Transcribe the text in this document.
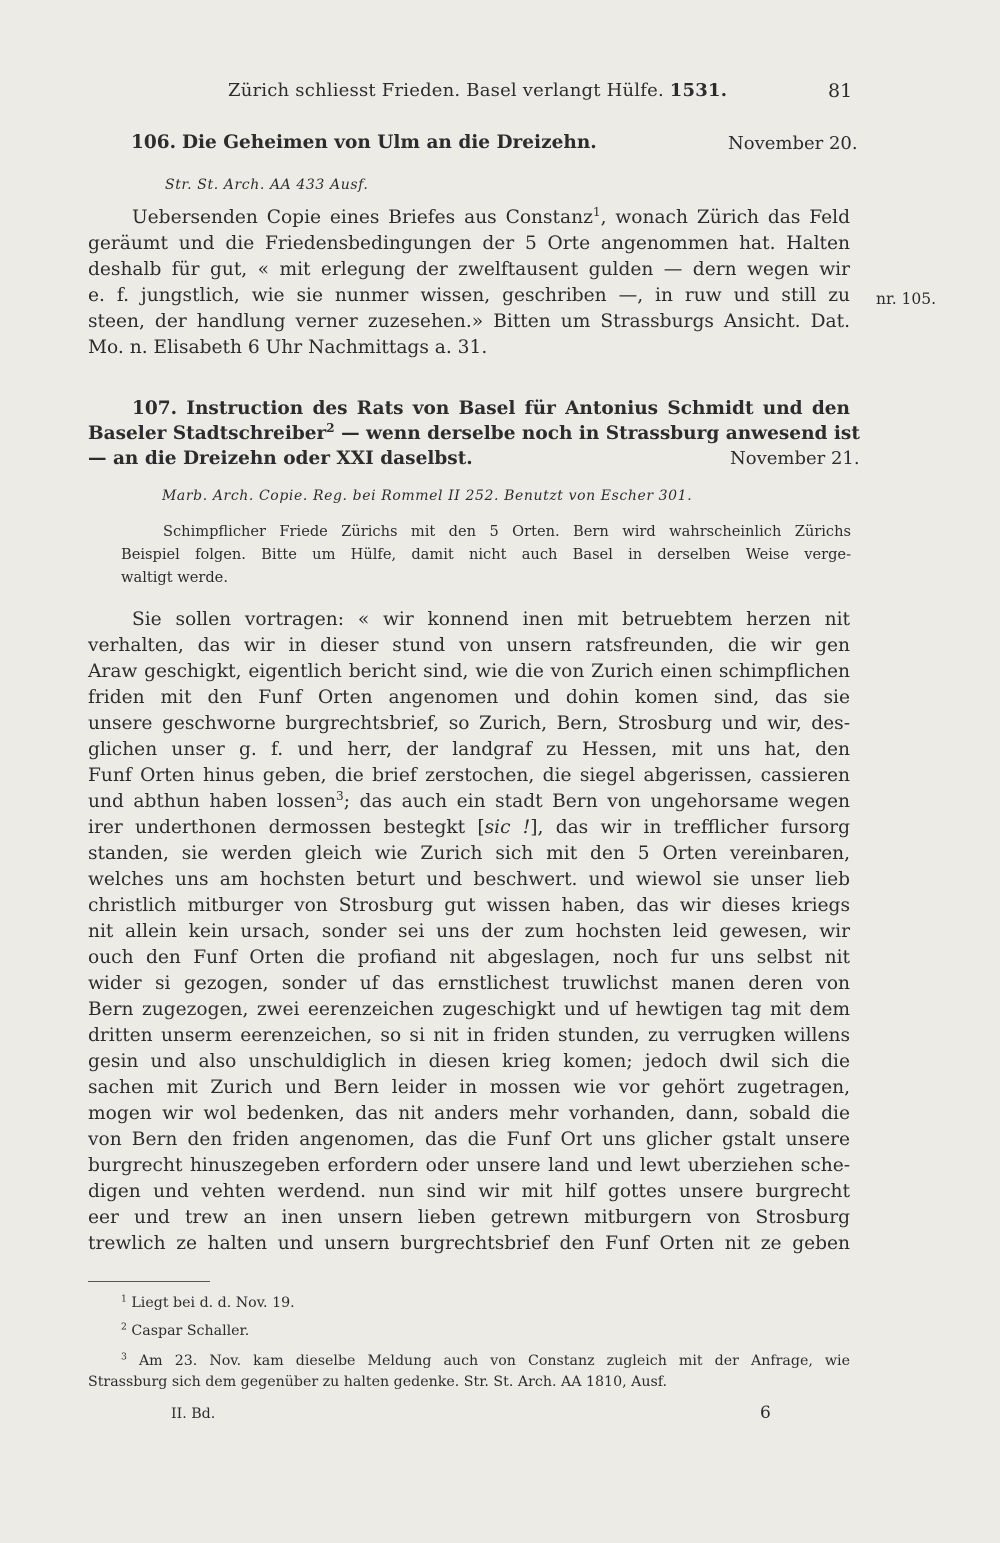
Zürich schliesst Frieden. Basel verlangt Hülfe. 1531.	81
106. Die Geheimen von Ulm an die Dreizehn.	November 20.
Str. St. Arch. AA 433 Ausf.
Uebersenden Copie eines Briefes aus Constanz$^1$, wonach Zürich das Feld
geräumt und die Friedensbedingungen der 5 Orte angenommen hat. Halten
deshalb für gut, « mit erlegung der zwelftausent gulden — dern wegen wir
e. f. jungstlich, wie sie nunmer wissen, geschriben —, in ruw und still zu
steen, der handlung verner zuzesehen.» Bitten um Strassburgs Ansicht. Dat.
Mo. n. Elisabeth 6 Uhr Nachmittags a. 31.
nr. 105.
107. Instruction des Rats von Basel für Antonius Schmidt und den
Baseler Stadtschreiber$^2$ — wenn derselbe noch in Strassburg anwesend ist
— an die Dreizehn oder XXI daselbst.	November 21.
Marb. Arch. Copie. Reg. bei Rommel II 252. Benutzt von Escher 301.
Schimpflicher Friede Zürichs mit den 5 Orten. Bern wird wahrscheinlich Zürichs
Beispiel folgen. Bitte um Hülfe, damit nicht auch Basel in derselben Weise verge-
waltigt werde.
Sie sollen vortragen: « wir konnend inen mit betruebtem herzen nit
verhalten, das wir in dieser stund von unsern ratsfreunden, die wir gen
Araw geschigkt, eigentlich bericht sind, wie die von Zurich einen schimpflichen
friden mit den Funf Orten angenomen und dohin komen sind, das sie
unsere geschworne burgrechtsbrief, so Zurich, Bern, Strosburg und wir, des-
glichen unser g. f. und herr, der landgraf zu Hessen, mit uns hat, den
Funf Orten hinus geben, die brief zerstochen, die siegel abgerissen, cassieren
und abthun haben lossen$^3$; das auch ein stadt Bern von ungehorsame wegen
irer underthonen dermossen bestegkt [sic !], das wir in trefflicher fursorg
standen, sie werden gleich wie Zurich sich mit den 5 Orten vereinbaren,
welches uns am hochsten beturt und beschwert. und wiewol sie unser lieb
christlich mitburger von Strosburg gut wissen haben, das wir dieses kriegs
nit allein kein ursach, sonder sei uns der zum hochsten leid gewesen, wir
ouch den Funf Orten die profiand nit abgeslagen, noch fur uns selbst nit
wider si gezogen, sonder uf das ernstlichest truwlichst manen deren von
Bern zugezogen, zwei eerenzeichen zugeschigkt und uf hewtigen tag mit dem
dritten unserm eerenzeichen, so si nit in friden stunden, zu verrugken willens
gesin und also unschuldiglich in diesen krieg komen; jedoch dwil sich die
sachen mit Zurich und Bern leider in mossen wie vor gehört zugetragen,
mogen wir wol bedenken, das nit anders mehr vorhanden, dann, sobald die
von Bern den friden angenomen, das die Funf Ort uns glicher gstalt unsere
burgrecht hinuszegeben erfordern oder unsere land und lewt uberziehen sche-
digen und vehten werdend. nun sind wir mit hilf gottes unsere burgrecht
eer und trew an inen unsern lieben getrewn mitburgern von Strosburg
trewlich ze halten und unsern burgrechtsbrief den Funf Orten nit ze geben
$^1$ Liegt bei d. d. Nov. 19.
$^2$ Caspar Schaller.
$^3$ Am 23. Nov. kam dieselbe Meldung auch von Constanz zugleich mit der Anfrage, wie
Strassburg sich dem gegenüber zu halten gedenke. Str. St. Arch. AA 1810, Ausf.
II. Bd.	6
